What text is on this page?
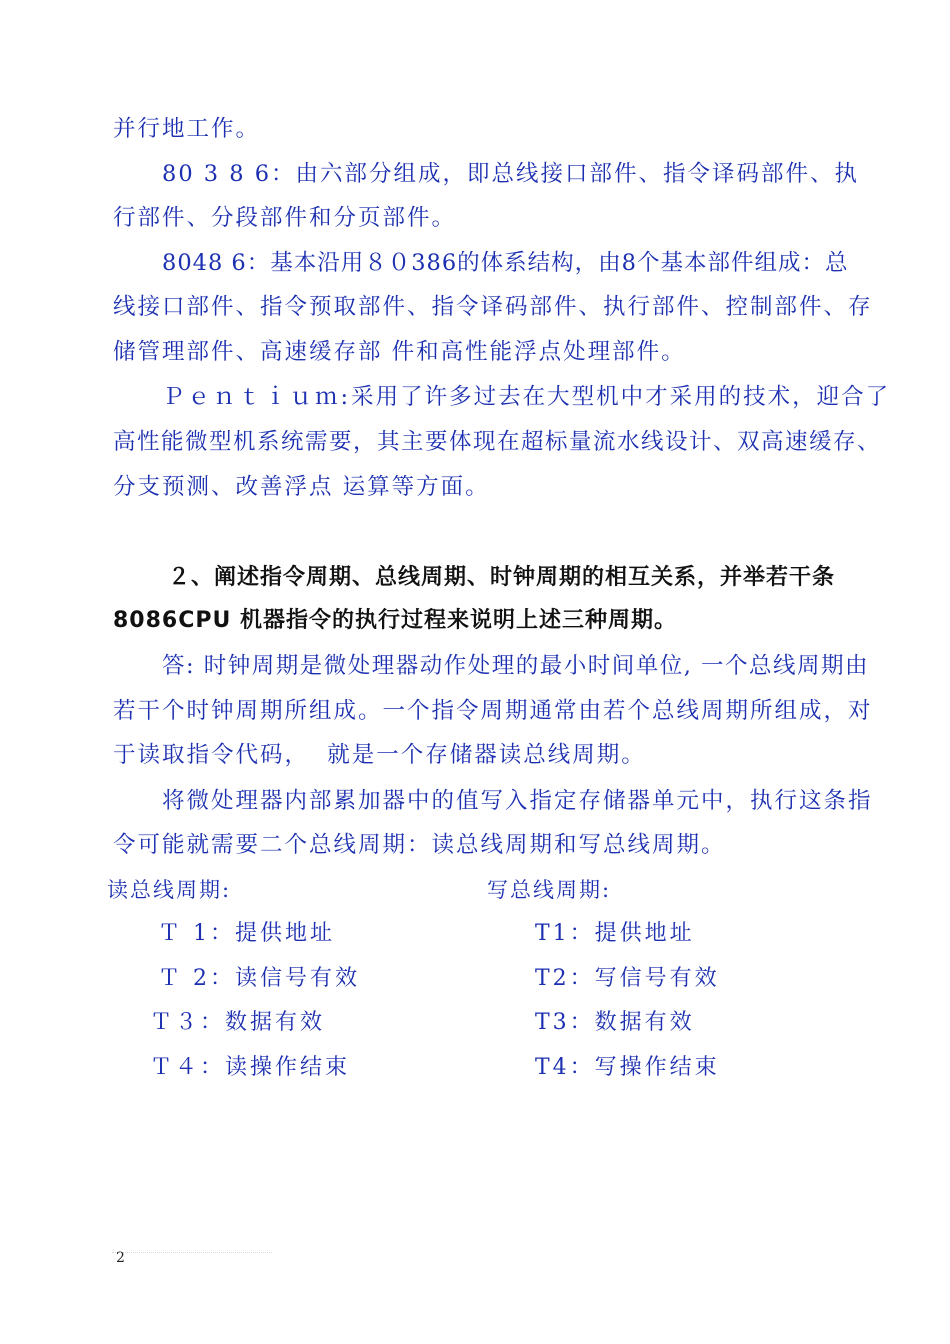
并行地工作。
80 3 8 6：由六部分组成，即总线接口部件、指令译码部件、执
行部件、分段部件和分页部件。
8048 6：基本沿用８０386的体系结构，由8个基本部件组成：总
线接口部件、指令预取部件、指令译码部件、执行部件、控制部件、存
储管理部件、高速缓存部 件和高性能浮点处理部件。
Ｐｅｎｔｉｕｍ:采用了许多过去在大型机中才采用的技术，迎合了
高性能微型机系统需要，其主要体现在超标量流水线设计、双高速缓存、
分支预测、改善浮点 运算等方面。
２、阐述指令周期、总线周期、时钟周期的相互关系，并举若干条
8086CPU 机器指令的执行过程来说明上述三种周期。
答: 时钟周期是微处理器动作处理的最小时间单位, 一个总线周期由
若干个时钟周期所组成。一个指令周期通常由若个总线周期所组成，对
于读取指令代码，  就是一个存储器读总线周期。
将微处理器内部累加器中的值写入指定存储器单元中，执行这条指
令可能就需要二个总线周期：读总线周期和写总线周期。
读总线周期:	写总线周期:
Ｔ 1：提供地址
Ｔ 2：读信号有效
Ｔ３：数据有效
Ｔ４：读操作结束
T1：提供地址
T2：写信号有效
T3：数据有效
T4：写操作结束
2
